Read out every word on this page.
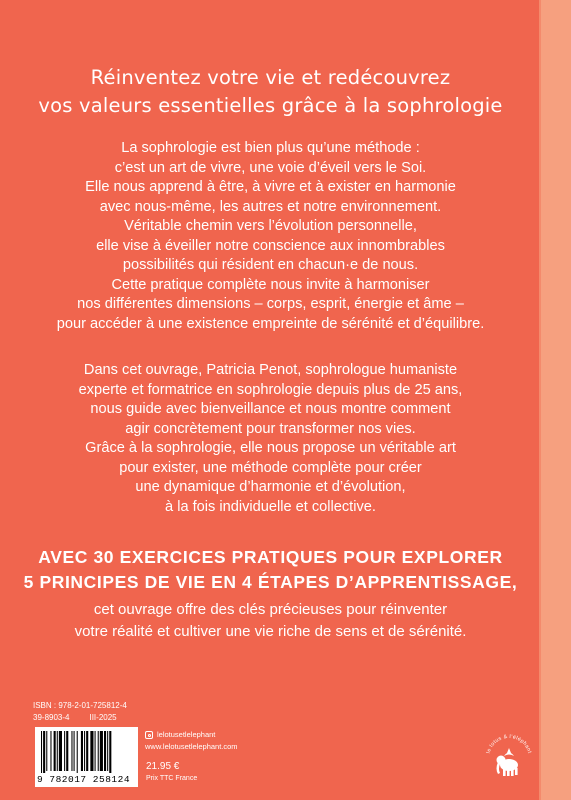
Réinventez votre vie et redécouvrez
vos valeurs essentielles grâce à la sophrologie
La sophrologie est bien plus qu’une méthode :
c’est un art de vivre, une voie d’éveil vers le Soi.
Elle nous apprend à être, à vivre et à exister en harmonie
avec nous-même, les autres et notre environnement.
Véritable chemin vers l’évolution personnelle,
elle vise à éveiller notre conscience aux innombrables
possibilités qui résident en chacun·e de nous.
Cette pratique complète nous invite à harmoniser
nos différentes dimensions – corps, esprit, énergie et âme –
pour accéder à une existence empreinte de sérénité et d’équilibre.
Dans cet ouvrage, Patricia Penot, sophrologue humaniste
experte et formatrice en sophrologie depuis plus de 25 ans,
nous guide avec bienveillance et nous montre comment
agir concrètement pour transformer nos vies.
Grâce à la sophrologie, elle nous propose un véritable art
pour exister, une méthode complète pour créer
une dynamique d’harmonie et d’évolution,
à la fois individuelle et collective.
AVEC 30 EXERCICES PRATIQUES POUR EXPLORER
5 PRINCIPES DE VIE EN 4 ÉTAPES D’APPRENTISSAGE,
cet ouvrage offre des clés précieuses pour réinventer
votre réalité et cultiver une vie riche de sens et de sérénité.
ISBN : 978-2-01-725812-4
39-8903-4	III-2025
9 782017 258124
lelotusetlelephant
www.lelotusetlelephant.com
21.95 €
Prix TTC France
le lotus & l’éléphant
